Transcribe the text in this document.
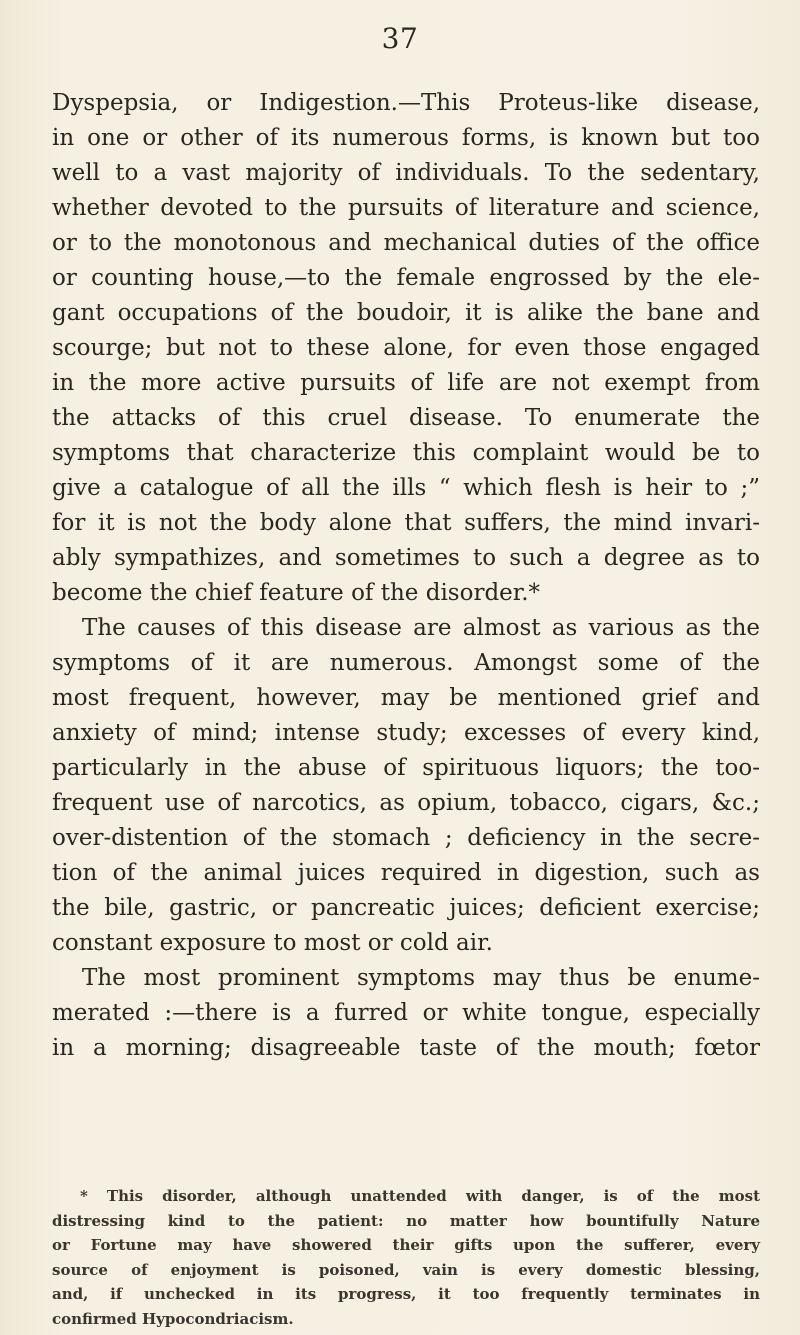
37
Dyspepsia, or Indigestion.—This Proteus-like disease,
in one or other of its numerous forms, is known but too
well to a vast majority of individuals. To the sedentary,
whether devoted to the pursuits of literature and science,
or to the monotonous and mechanical duties of the office
or counting house,—to the female engrossed by the ele-
gant occupations of the boudoir, it is alike the bane and
scourge; but not to these alone, for even those engaged
in the more active pursuits of life are not exempt from
the attacks of this cruel disease. To enumerate the
symptoms that characterize this complaint would be to
give a catalogue of all the ills “ which flesh is heir to ;”
for it is not the body alone that suffers, the mind invari-
ably sympathizes, and sometimes to such a degree as to
become the chief feature of the disorder.*
The causes of this disease are almost as various as the
symptoms of it are numerous. Amongst some of the
most frequent, however, may be mentioned grief and
anxiety of mind; intense study; excesses of every kind,
particularly in the abuse of spirituous liquors; the too-
frequent use of narcotics, as opium, tobacco, cigars, &c.;
over-distention of the stomach ; deficiency in the secre-
tion of the animal juices required in digestion, such as
the bile, gastric, or pancreatic juices; deficient exercise;
constant exposure to most or cold air.
The most prominent symptoms may thus be enume-
merated :—there is a furred or white tongue, especially
in a morning; disagreeable taste of the mouth; fœtor
* This disorder, although unattended with danger, is of the most
distressing kind to the patient: no matter how bountifully Nature
or Fortune may have showered their gifts upon the sufferer, every
source of enjoyment is poisoned, vain is every domestic blessing,
and, if unchecked in its progress, it too frequently terminates in
confirmed Hypocondriacism.
